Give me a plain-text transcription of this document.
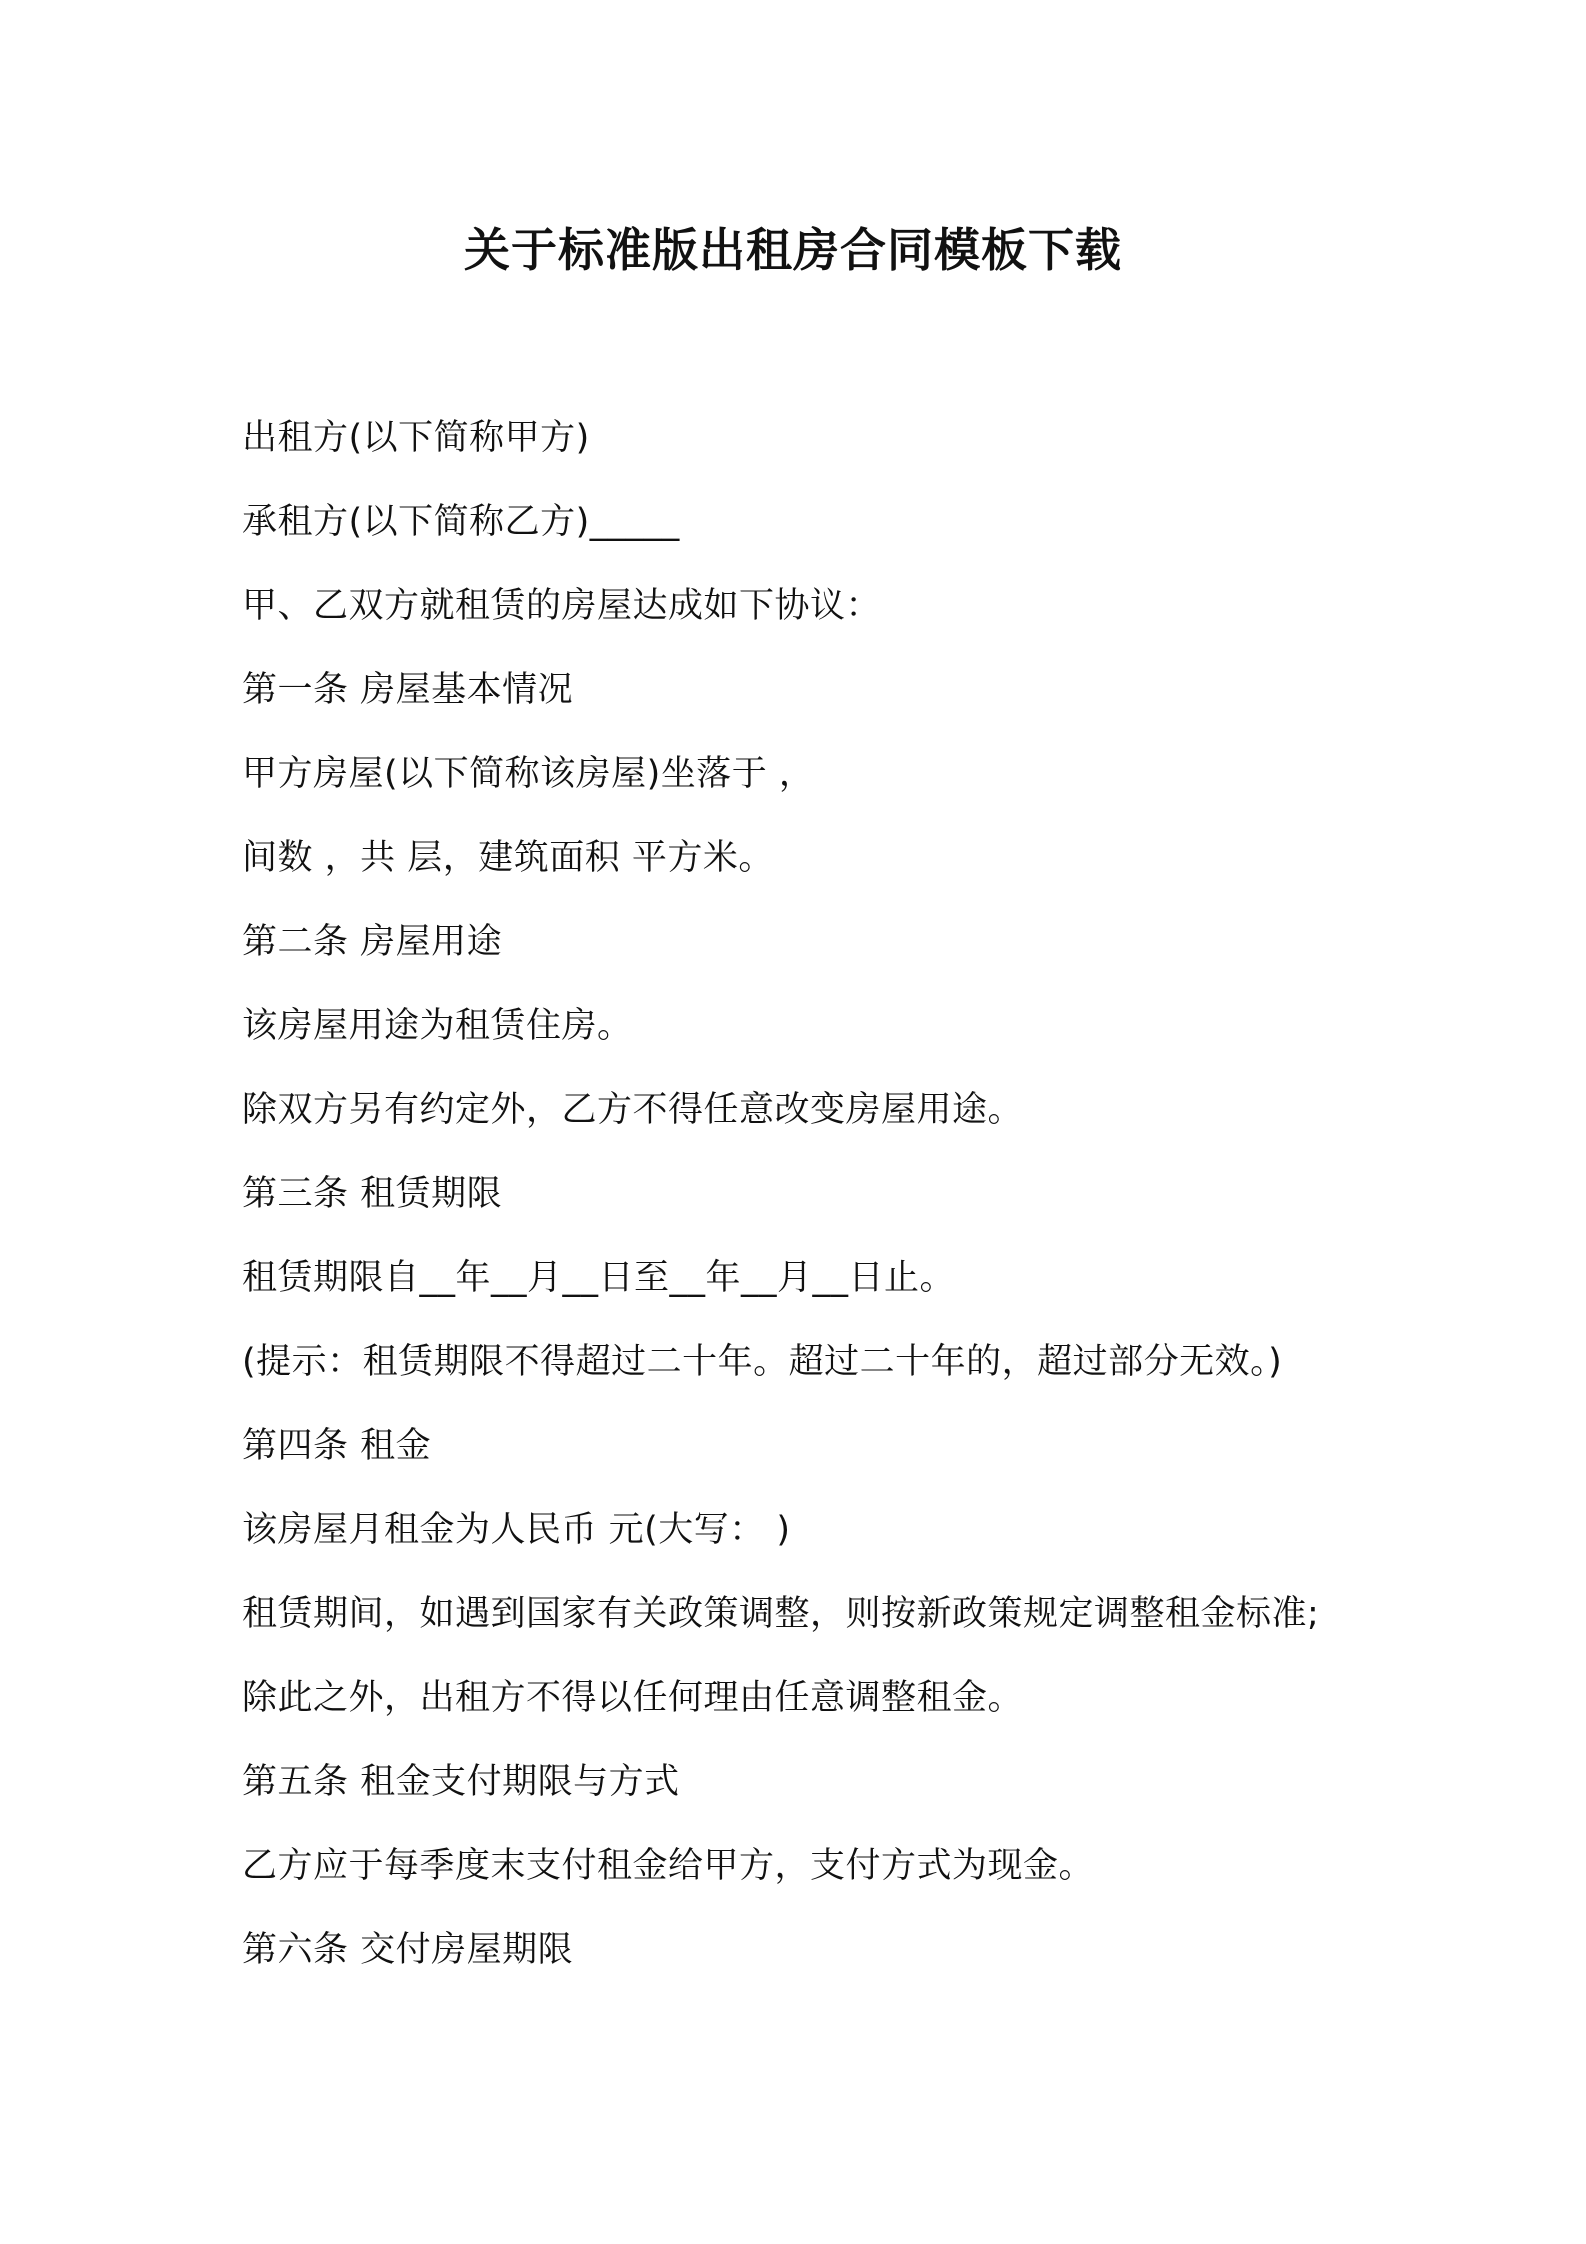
关于标准版出租房合同模板下载
出租方(以下简称甲方)
承租方(以下简称乙方)_____
甲、乙双方就租赁的房屋达成如下协议：
第一条 房屋基本情况
甲方房屋(以下简称该房屋)坐落于 ，
间数 ，共 层，建筑面积 平方米。
第二条 房屋用途
该房屋用途为租赁住房。
除双方另有约定外，乙方不得任意改变房屋用途。
第三条 租赁期限
租赁期限自__年__月__日至__年__月__日止。
(提示：租赁期限不得超过二十年。超过二十年的，超过部分无效。)
第四条 租金
该房屋月租金为人民币 元(大写： )
租赁期间，如遇到国家有关政策调整，则按新政策规定调整租金标准;
除此之外，出租方不得以任何理由任意调整租金。
第五条 租金支付期限与方式
乙方应于每季度末支付租金给甲方，支付方式为现金。
第六条 交付房屋期限
